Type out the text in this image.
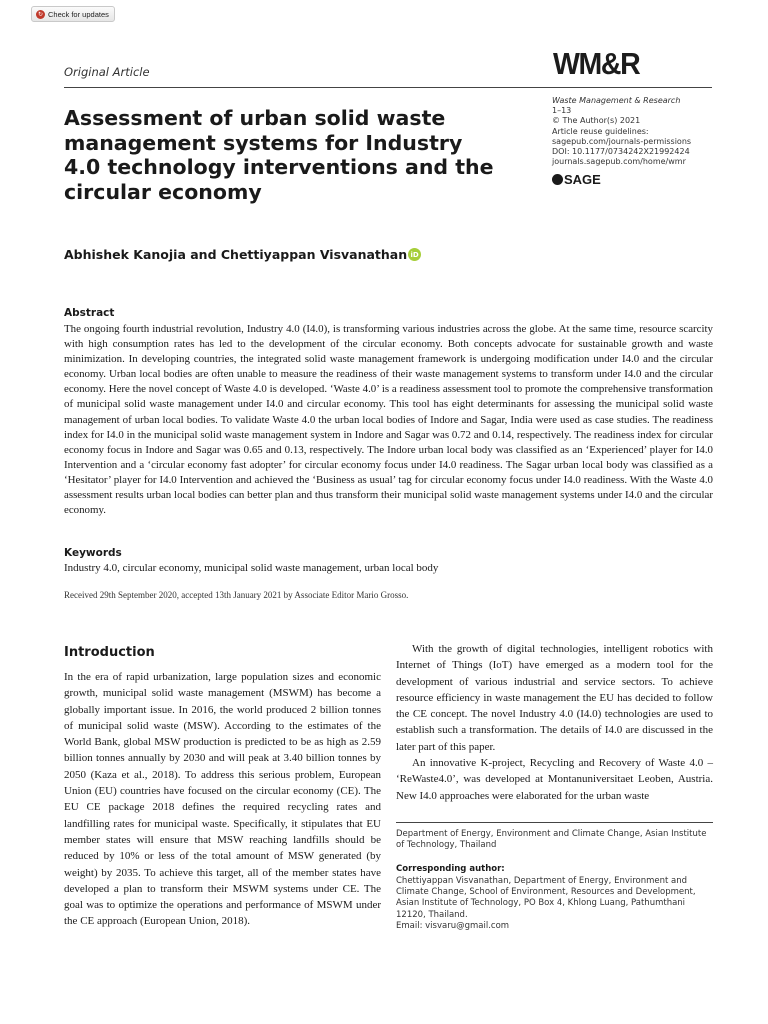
↻ Check for updates
Original Article	WM&R
Waste Management & Research
1–13
© The Author(s) 2021
Article reuse guidelines:
sagepub.com/journals-permissions
DOI: 10.1177/0734242X21992424
journals.sagepub.com/home/wmr
SAGE
Assessment of urban solid waste management systems for Industry 4.0 technology interventions and the circular economy
Abhishek Kanojia and Chettiyappan Visvanathan iD
Abstract

The ongoing fourth industrial revolution, Industry 4.0 (I4.0), is transforming various industries across the globe. At the same time, resource scarcity with high consumption rates has led to the development of the circular economy. Both concepts advocate for sustainable growth and waste minimization. In developing countries, the integrated solid waste management framework is undergoing modification under I4.0 and the circular economy. Urban local bodies are often unable to measure the readiness of their waste management systems to transform under I4.0 and the circular economy. Here the novel concept of Waste 4.0 is developed. ‘Waste 4.0’ is a readiness assessment tool to promote the comprehensive transformation of municipal solid waste management under I4.0 and circular economy. This tool has eight determinants for assessing the municipal solid waste management of urban local bodies. To validate Waste 4.0 the urban local bodies of Indore and Sagar, India were used as case studies. The readiness index for I4.0 in the municipal solid waste management system in Indore and Sagar was 0.72 and 0.14, respectively. The readiness index for circular economy focus in Indore and Sagar was 0.65 and 0.13, respectively. The Indore urban local body was classified as an ‘Experienced’ player for I4.0 Intervention and a ‘circular economy fast adopter’ for circular economy focus under I4.0 readiness. The Sagar urban local body was classified as a ‘Hesitator’ player for I4.0 Intervention and achieved the ‘Business as usual’ tag for circular economy focus under I4.0 readiness. With the Waste 4.0 assessment results urban local bodies can better plan and thus transform their municipal solid waste management systems under I4.0 and the circular economy.

Keywords
Industry 4.0, circular economy, municipal solid waste management, urban local body
Received 29th September 2020, accepted 13th January 2021 by Associate Editor Mario Grosso.
Introduction

In the era of rapid urbanization, large population sizes and economic growth, municipal solid waste management (MSWM) has become a globally important issue. In 2016, the world produced 2 billion tonnes of municipal solid waste (MSW). According to the estimates of the World Bank, global MSW production is predicted to be as high as 2.59 billion tonnes annually by 2030 and will peak at 3.40 billion tonnes by 2050 (Kaza et al., 2018). To address this serious problem, European Union (EU) countries have focused on the circular economy (CE). The EU CE package 2018 defines the required recycling rates and landfilling rates for municipal waste. Specifically, it stipulates that EU member states will ensure that MSW reaching landfills should be reduced by 10% or less of the total amount of MSW generated (by weight) by 2035. To achieve this target, all of the member states have developed a plan to transform their MSWM systems under CE. The goal was to optimize the operations and performance of MSWM under the CE approach (European Union, 2018).

With the growth of digital technologies, intelligent robotics with Internet of Things (IoT) have emerged as a modern tool for the development of various industrial and service sectors. To achieve resource efficiency in waste management the EU has decided to follow the CE concept. The novel Industry 4.0 (I4.0) technologies are used to establish such a transformation. The details of I4.0 are discussed in the later part of this paper.

An innovative K-project, Recycling and Recovery of Waste 4.0 – ‘ReWaste4.0’, was developed at Montanuniversitaet Leoben, Austria. New I4.0 approaches were elaborated for the urban waste

Department of Energy, Environment and Climate Change, Asian Institute of Technology, Thailand
Corresponding author:
Chettiyappan Visvanathan, Department of Energy, Environment and Climate Change, School of Environment, Resources and Development, Asian Institute of Technology, PO Box 4, Khlong Luang, Pathumthani 12120, Thailand.
Email: visvaru@gmail.com
